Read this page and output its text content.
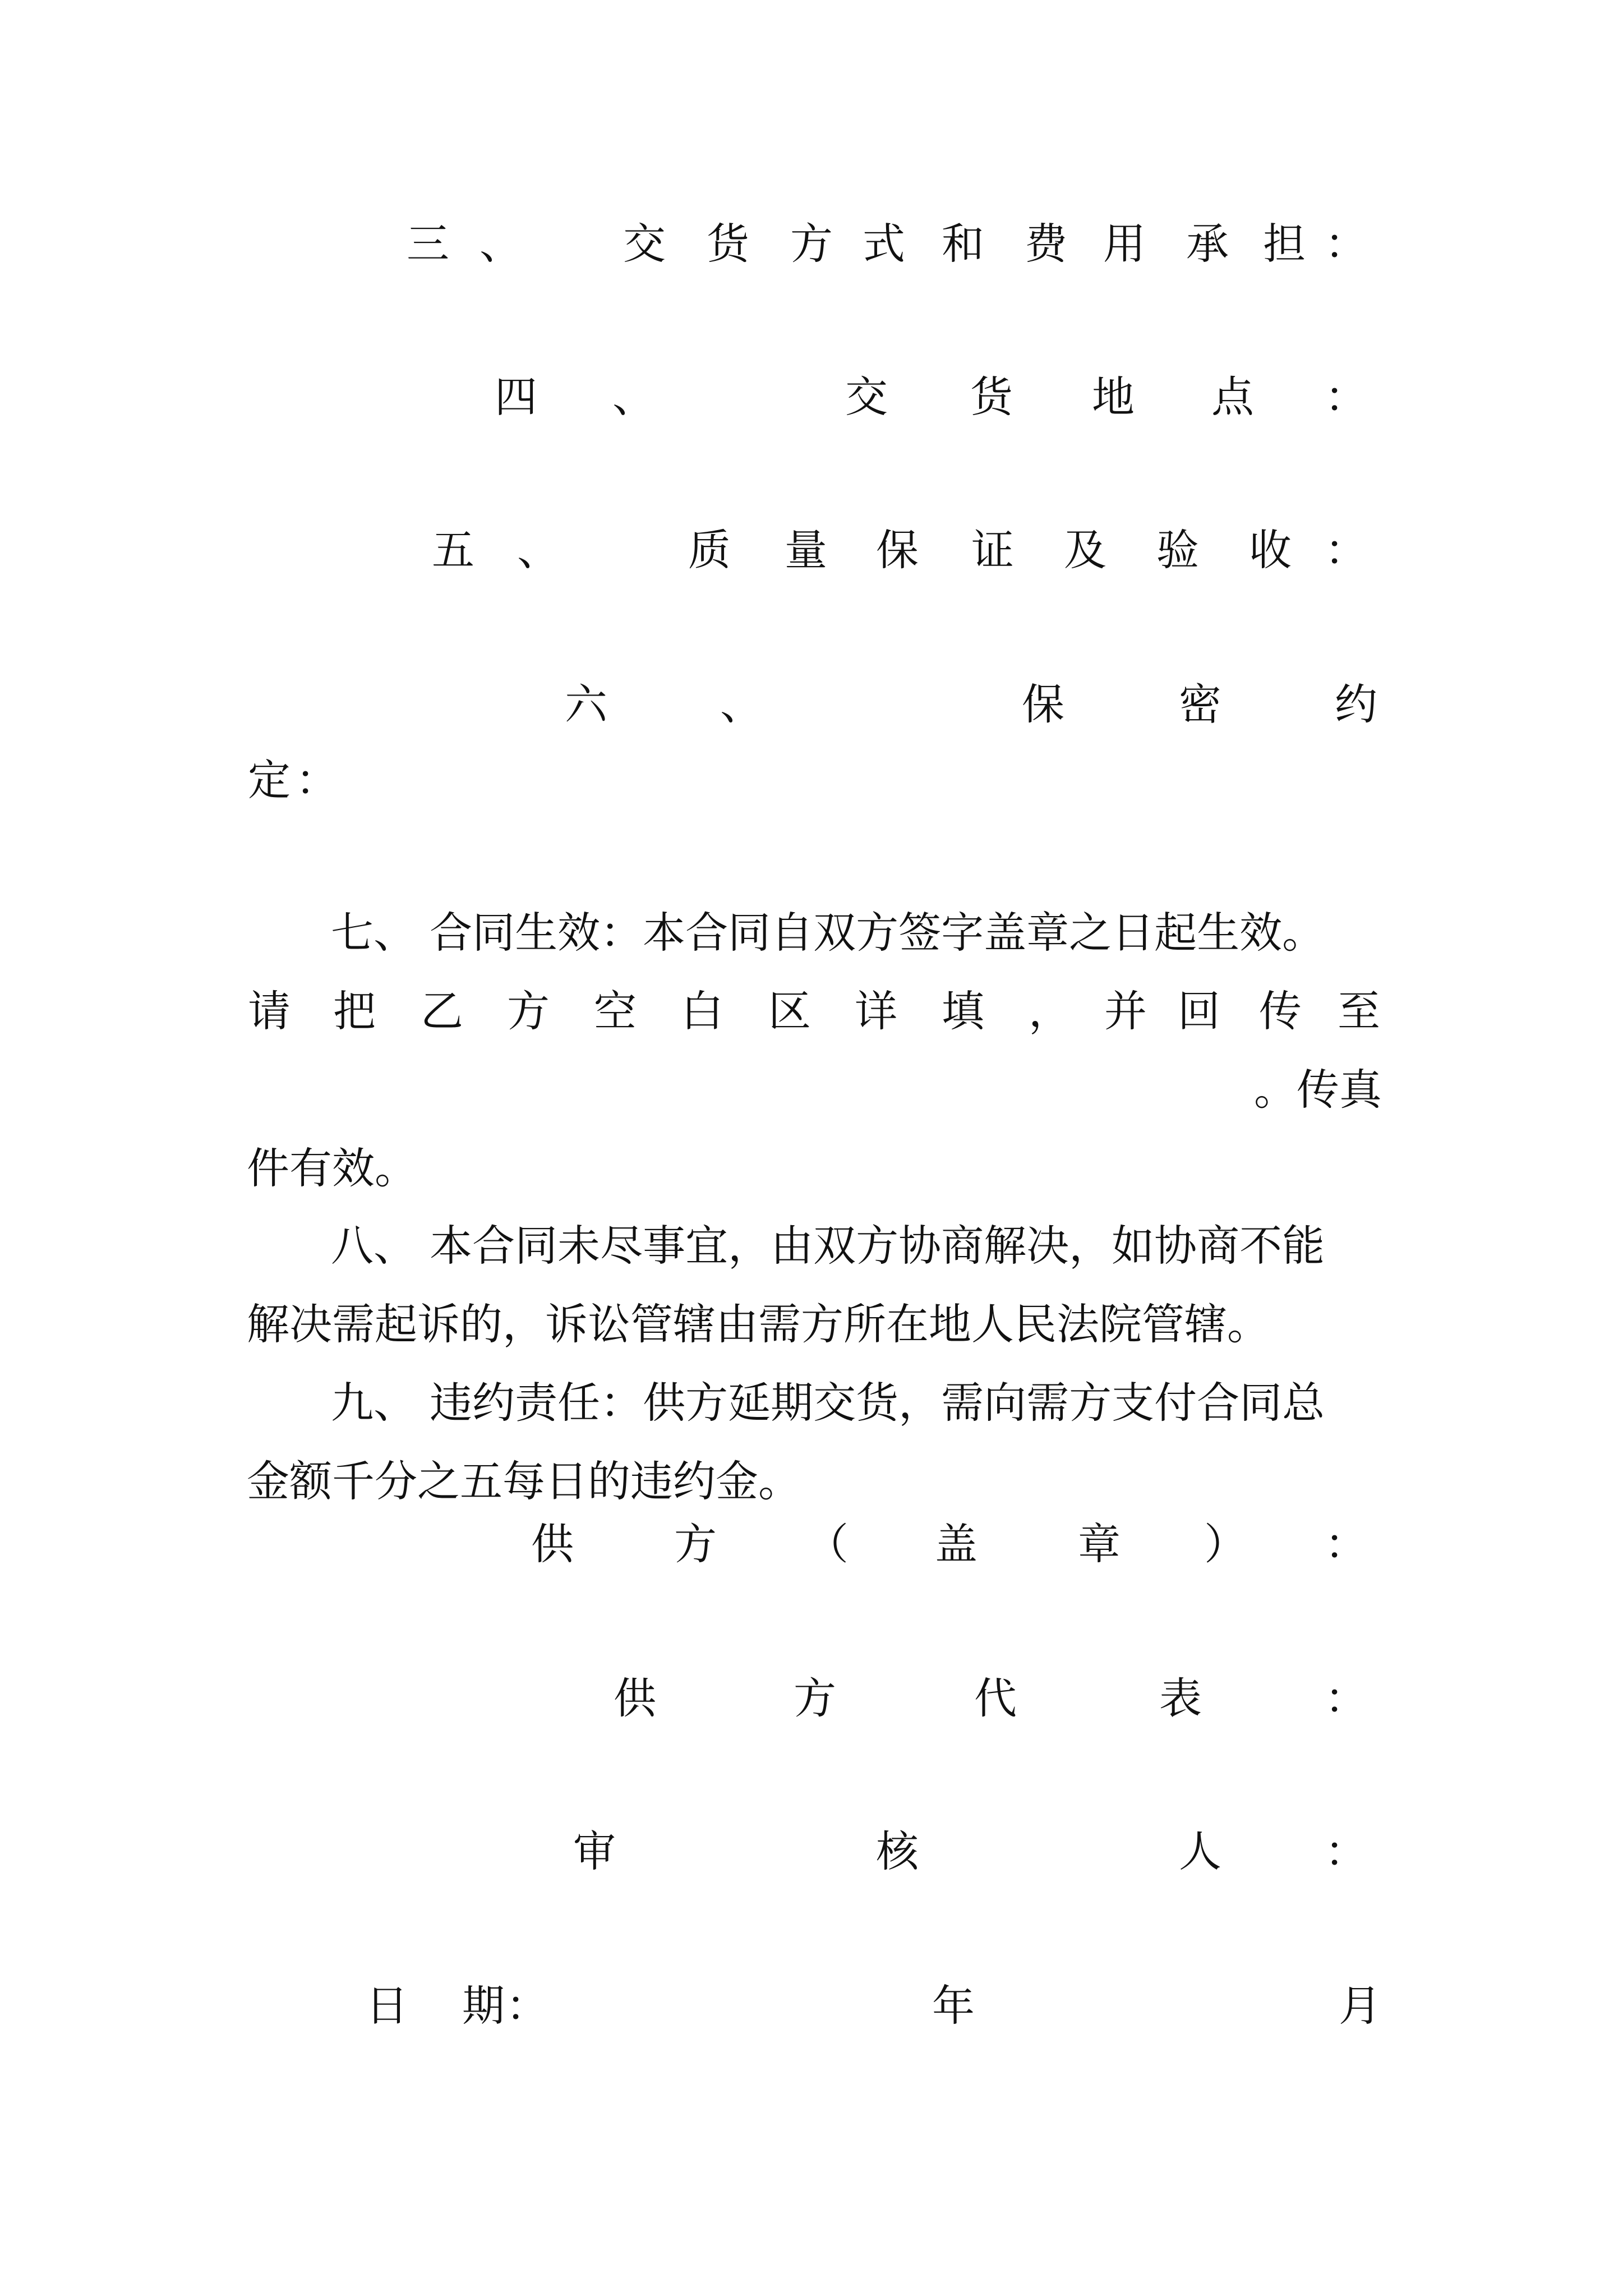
三 、 交 货 方 式 和 费 用 承 担 ：
四 、	交 货 地 点 ：
五 、	质 量 保 证 及 验 收 ：
六	、	保	密	约
定 ：
七、 合同生效：本合同自双方签字盖章之日起生效。
请 把 乙 方 空 白 区 详 填 ， 并 回 传 至
。传真
件有效。
八、 本合同未尽事宜，由双方协商解决，如协商不能
解决需起诉的，诉讼管辖由需方所在地人民法院管辖。
九、 违约责任：供方延期交货，需向需方支付合同总
金额千分之五每日的违约金。
供 方 （ 盖 章 ） ：
供	方	代	表	：
审	核	人 ：
日 期 ：	年	月
